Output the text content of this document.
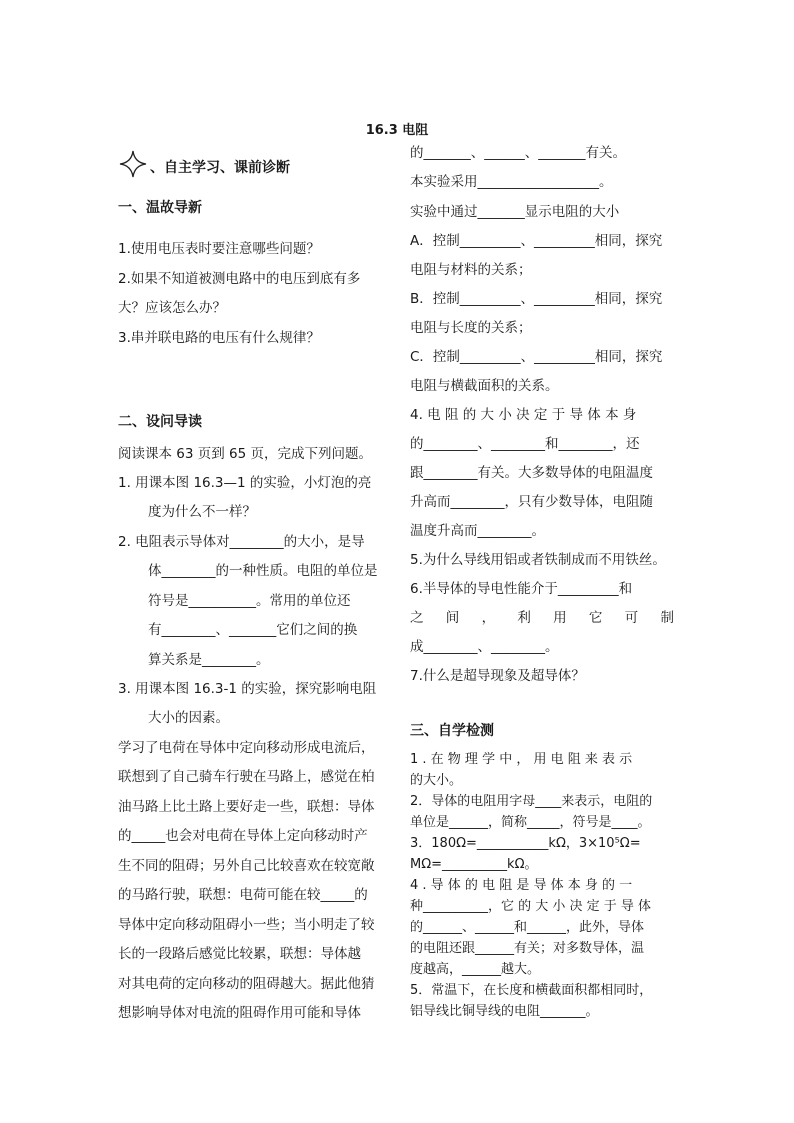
16.3 电阻
、自主学习、课前诊断
一、温故导新
1.使用电压表时要注意哪些问题？
2.如果不知道被测电路中的电压到底有多
大？应该怎么办？
3.串并联电路的电压有什么规律？
二、设问导读
阅读课本 63 页到 65 页，完成下列问题。
1. 用课本图 16.3—1 的实验，小灯泡的亮
度为什么不一样？
2. 电阻表示导体对________的大小，是导
体________的一种性质。电阻的单位是
符号是__________。常用的单位还
有________、_______它们之间的换
算关系是________。
3. 用课本图 16.3-1 的实验，探究影响电阻
大小的因素。
学习了电荷在导体中定向移动形成电流后，
联想到了自己骑车行驶在马路上，感觉在柏
油马路上比土路上要好走一些，联想：导体
的_____也会对电荷在导体上定向移动时产
生不同的阻碍；另外自己比较喜欢在较宽敞
的马路行驶，联想：电荷可能在较_____的
导体中定向移动阻碍小一些；当小明走了较
长的一段路后感觉比较累，联想：导体越
对其电荷的定向移动的阻碍越大。据此他猜
想影响导体对电流的阻碍作用可能和导体
的_______、______、_______有关。
本实验采用__________________。
实验中通过_______显示电阻的大小
A．控制_________、_________相同，探究
电阻与材料的关系；
B．控制_________、_________相同，探究
电阻与长度的关系；
C．控制_________、_________相同，探究
电阻与横截面积的关系。
4. 电 阻 的 大 小 决 定 于 导 体 本 身
的________、________和________，还
跟________有关。大多数导体的电阻温度
升高而________，只有少数导体，电阻随
温度升高而________。
5.为什么导线用铝或者铁制成而不用铁丝。
6.半导体的导电性能介于_________和
之 间 ， 利 用 它 可 制
成________、________。
7.什么是超导现象及超导体？
三、自学检测
1 . 在 物 理 学 中 ， 用 电 阻 来 表 示
的大小。
2．导体的电阻用字母____来表示，电阻的
单位是______，简称_____，符号是____。
3．180Ω=___________kΩ，3×10⁵Ω=
MΩ=__________kΩ。
4 . 导 体 的 电 阻 是 导 体 本 身 的 一
种__________，它 的 大 小 决 定 于 导 体
的______、______和______，此外，导体
的电阻还跟______有关；对多数导体，温
度越高，______越大。
5．常温下，在长度和横截面积都相同时，
铝导线比铜导线的电阻_______。
